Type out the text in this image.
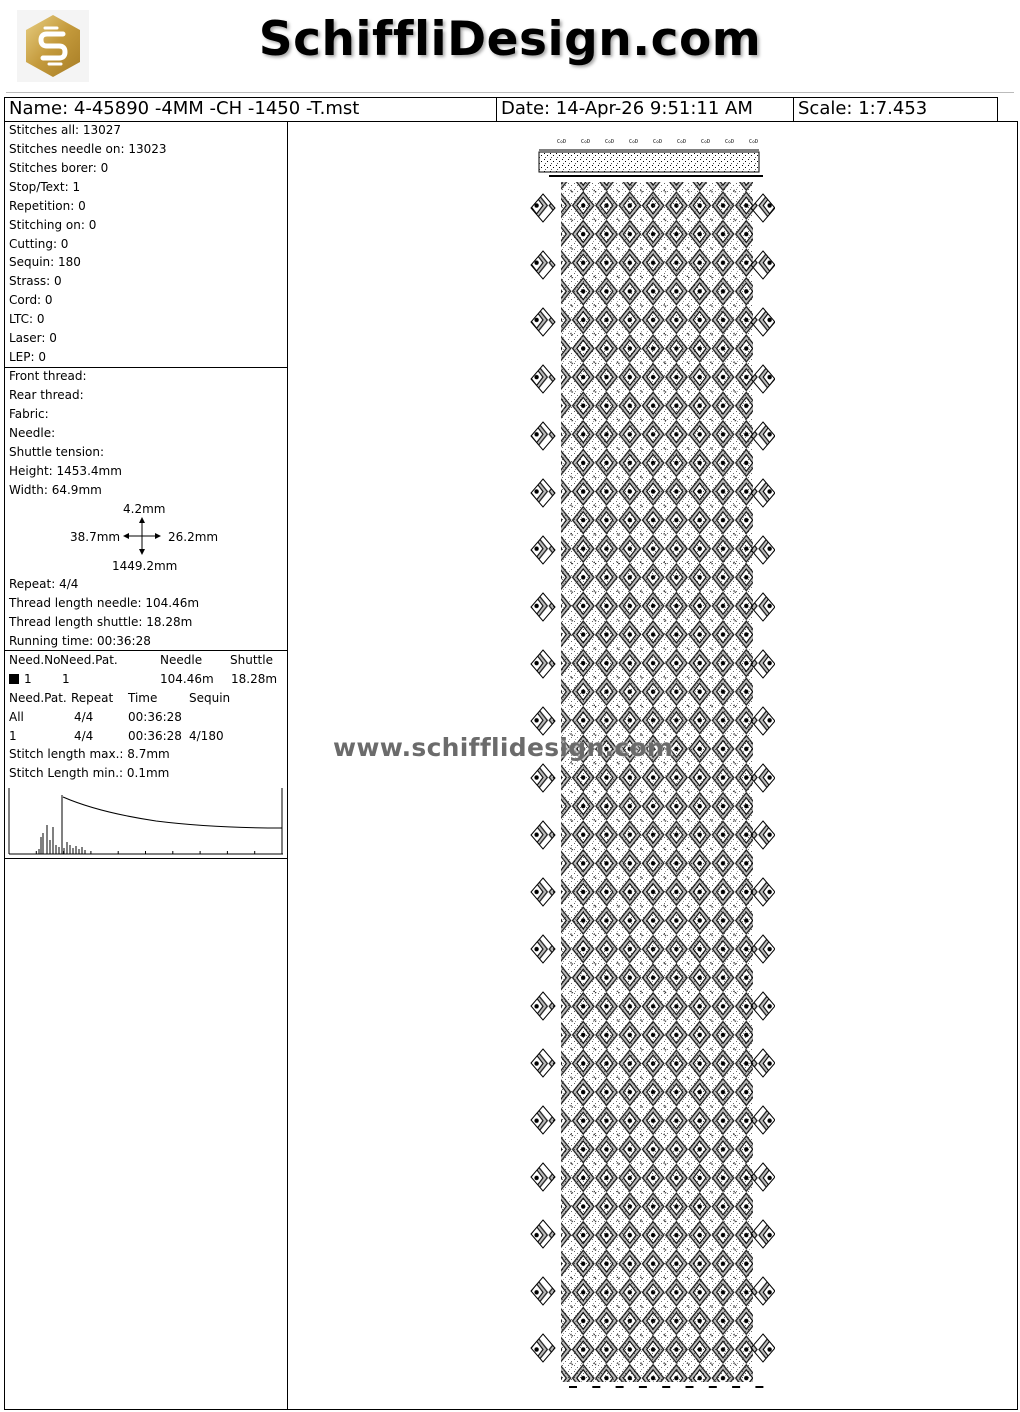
SchiffliDesign.com
Name: 4-45890 -4MM -CH -1450 -T.mst	Date: 14-Apr-26 9:51:11 AM	Scale: 1:7.453
Stitches all: 13027
Stitches needle on: 13023
Stitches borer: 0
Stop/Text: 1
Repetition: 0
Stitching on: 0
Cutting: 0
Sequin: 180
Strass: 0
Cord: 0
LTC: 0
Laser: 0
LEP: 0
Front thread:
Rear thread:
Fabric:
Needle:
Shuttle tension:
Height: 1453.4mm
Width: 64.9mm
4.2mm
38.7mm	26.2mm
1449.2mm
Repeat: 4/4
Thread length needle: 104.46m
Thread length shuttle: 18.28m
Running time: 00:36:28
Need.No Need.Pat.	Needle Shuttle
1	1	104.46m 18.28m
Need.Pat. Repeat Time	Sequin
All	4/4	00:36:28
1	4/4	00:36:28 4/180
Stitch length max.: 8.7mm
Stitch Length min.: 0.1mm
C◇D	C◇D	C◇D	C◇D	C◇D	C◇D	C◇D	C◇D	C◇D
www.schifflidesign.com
